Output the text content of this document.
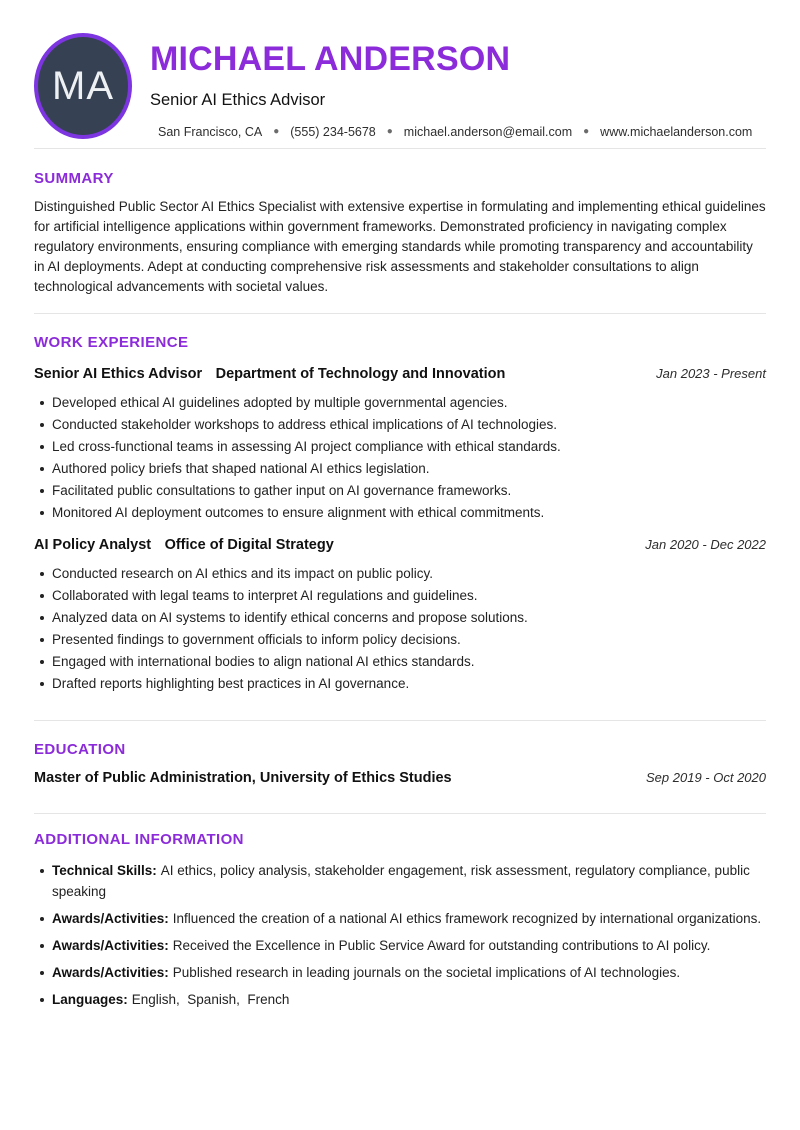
MA
MICHAEL ANDERSON
Senior AI Ethics Advisor
San Francisco, CA ● (555) 234-5678 ● michael.anderson@email.com ● www.michaelanderson.com
SUMMARY

Distinguished Public Sector AI Ethics Specialist with extensive expertise in formulating and implementing ethical guidelines for artificial intelligence applications within government frameworks. Demonstrated proficiency in navigating complex regulatory environments, ensuring compliance with emerging standards while promoting transparency and accountability in AI deployments. Adept at conducting comprehensive risk assessments and stakeholder consultations to align technological advancements with societal values.

WORK EXPERIENCE
Senior AI Ethics Advisor Department of Technology and Innovation	Jan 2023 - Present
Developed ethical AI guidelines adopted by multiple governmental agencies.
Conducted stakeholder workshops to address ethical implications of AI technologies.
Led cross-functional teams in assessing AI project compliance with ethical standards.
Authored policy briefs that shaped national AI ethics legislation.
Facilitated public consultations to gather input on AI governance frameworks.
Monitored AI deployment outcomes to ensure alignment with ethical commitments.
AI Policy Analyst Office of Digital Strategy	Jan 2020 - Dec 2022
Conducted research on AI ethics and its impact on public policy.
Collaborated with legal teams to interpret AI regulations and guidelines.
Analyzed data on AI systems to identify ethical concerns and propose solutions.
Presented findings to government officials to inform policy decisions.
Engaged with international bodies to align national AI ethics standards.
Drafted reports highlighting best practices in AI governance.
EDUCATION
Master of Public Administration, University of Ethics Studies	Sep 2019 - Oct 2020
ADDITIONAL INFORMATION
Technical Skills: AI ethics, policy analysis, stakeholder engagement, risk assessment, regulatory compliance, public speaking
Awards/Activities: Influenced the creation of a national AI ethics framework recognized by international organizations.
Awards/Activities: Received the Excellence in Public Service Award for outstanding contributions to AI policy.
Awards/Activities: Published research in leading journals on the societal implications of AI technologies.
Languages: English,  Spanish,  French
